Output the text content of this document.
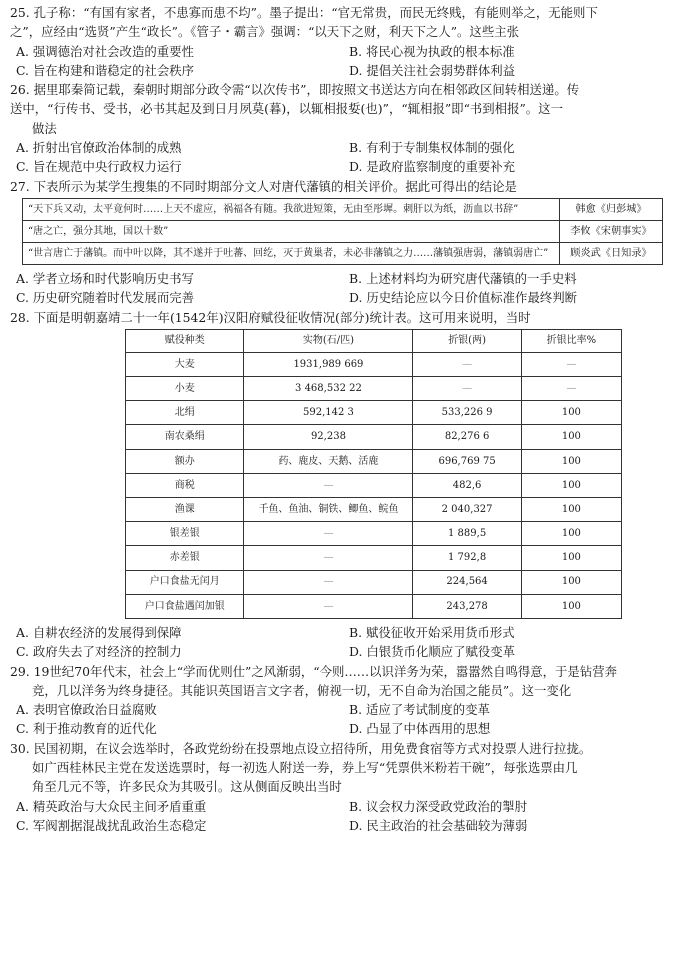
25. 孔子称：“有国有家者，不患寡而患不均”。墨子提出：“官无常贵，而民无终贱，有能则举之，无能则下
之”，应经由“选贤”产生“政长”。《管子・霸言》强调：“以天下之财，利天下之人”。这些主张
A. 强调德治对社会改造的重要性	B. 将民心视为执政的根本标准
C. 旨在构建和谐稳定的社会秩序	D. 提倡关注社会弱势群体利益
26. 据里耶秦简记载，秦朝时期部分政令需“以次传书”，即按照文书送达方向在相邻政区间转相送递。传
送中，“行传书、受书，必书其起及到日月夙莫(暮)，以辄相报娎(也)”，“辄相报”即“书到相报”。这一
做法
A. 折射出官僚政治体制的成熟	B. 有利于专制集权体制的强化
C. 旨在规范中央行政权力运行	D. 是政府监察制度的重要补充
27. 下表所示为某学生搜集的不同时期部分文人对唐代藩镇的相关评价。据此可得出的结论是
“天下兵又动，太平竟何时……上天不虚应，祸福各有随。我欲进短策，无由至彤墀。刺肝以为纸，沥血以书辞”	韩愈《归彭城》
“唐之亡，强分其地，国以十数”	李攸《宋朝事实》
“世言唐亡于藩镇。而中叶以降，其不遂并于吐蕃、回纥，灭于黄巢者，未必非藩镇之力……藩镇强唐弱，藩镇弱唐亡”	顾炎武《日知录》
A. 学者立场和时代影响历史书写	B. 上述材料均为研究唐代藩镇的一手史料
C. 历史研究随着时代发展而完善	D. 历史结论应以今日价值标准作最终判断
28. 下面是明朝嘉靖二十一年(1542年)汉阳府赋役征收情况(部分)统计表。这可用来说明，当时
赋役种类	实物(石/匹)	折银(两)	折银比率%
大麦	1931,989 669	—	—
小麦	3 468,532 22	—	—
北绢	592,142 3	533,226 9	100
南农桑绢	92,238	82,276 6	100
额办	药、鹿皮、天鹅、活鹿	696,769 75	100
商税	—	482,6	100
渔课	千鱼、鱼油、铜铁、鲫鱼、鲩鱼	2 040,327	100
银差银	—	1 889,5	100
赤差银	—	1 792,8	100
户口食盐无闰月	—	224,564	100
户口食盐遇闰加银	—	243,278	100
A. 自耕农经济的发展得到保障	B. 赋役征收开始采用货币形式
C. 政府失去了对经济的控制力	D. 白银货币化顺应了赋役变革
29. 19世纪70年代末，社会上“学而优则仕”之风渐弱，“今则……以识洋务为荣，嚣嚣然自鸣得意，于是钻营奔
竞，几以洋务为终身捷径。其能识英国语言文字者，俯视一切，无不自命为治国之能员”。这一变化
A. 表明官僚政治日益腐败	B. 适应了考试制度的变革
C. 利于推动教育的近代化	D. 凸显了中体西用的思想
30. 民国初期，在议会选举时，各政党纷纷在投票地点设立招待所，用免费食宿等方式对投票人进行拉拢。
如广西桂林民主党在发送选票时，每一初选人附送一券，券上写“凭票供米粉若干碗”，每张选票由几
角至几元不等，许多民众为其吸引。这从侧面反映出当时
A. 精英政治与大众民主间矛盾重重	B. 议会权力深受政党政治的掣肘
C. 军阀割据混战扰乱政治生态稳定	D. 民主政治的社会基础较为薄弱
